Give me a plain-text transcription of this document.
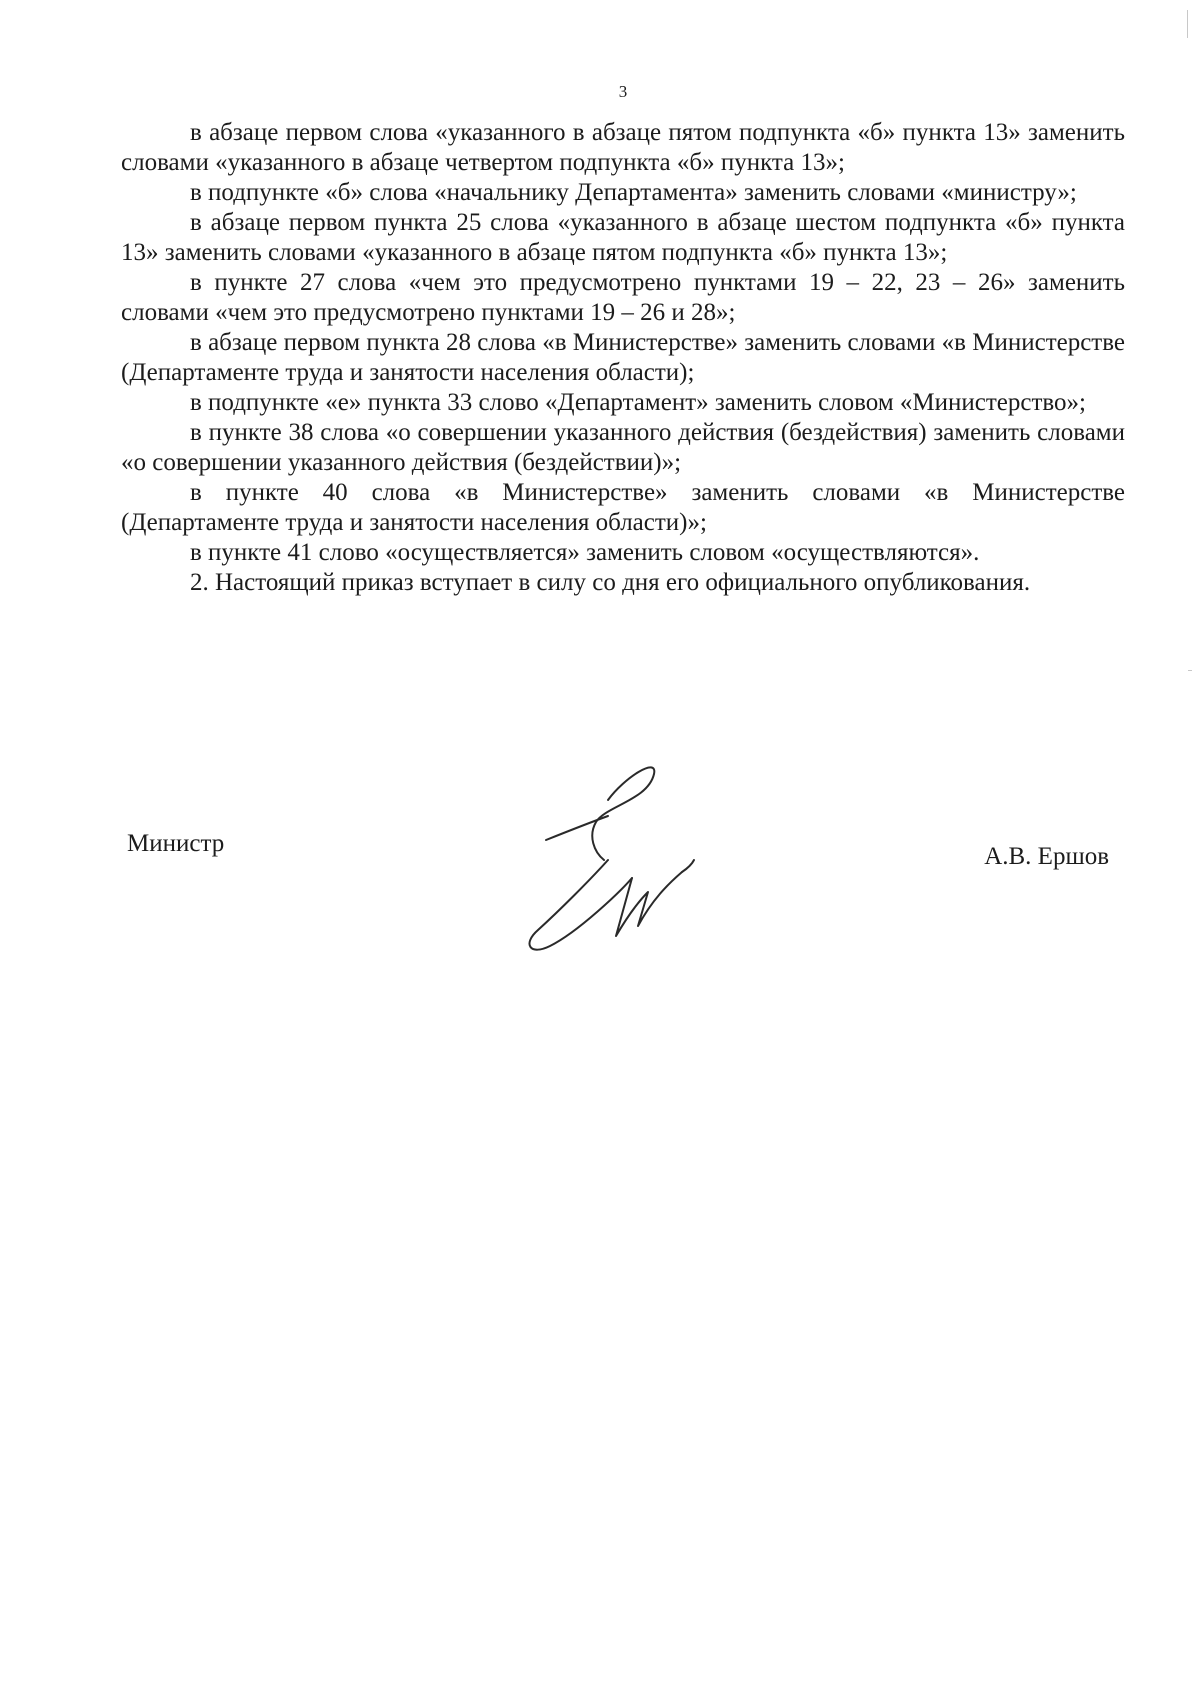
3

в абзаце первом слова «указанного в абзаце пятом подпункта «б» пункта 13» заменить словами «указанного в абзаце четвертом подпункта «б» пункта 13»;

в подпункте «б» слова «начальнику Департамента» заменить словами «министру»;

в абзаце первом пункта 25 слова «указанного в абзаце шестом подпункта «б» пункта 13» заменить словами «указанного в абзаце пятом подпункта «б» пункта 13»;

в пункте 27 слова «чем это предусмотрено пунктами 19 – 22, 23 – 26» заменить словами «чем это предусмотрено пунктами 19 – 26 и 28»;

в абзаце первом пункта 28 слова «в Министерстве» заменить словами «в Министерстве (Департаменте труда и занятости населения области);

в подпункте «е» пункта 33 слово «Департамент» заменить словом «Министерство»;

в пункте 38 слова «о совершении указанного действия (бездействия) заменить словами «о совершении указанного действия (бездействии)»;

в пункте 40 слова «в Министерстве» заменить словами «в Министерстве (Департаменте труда и занятости населения области)»;

в пункте 41 слово «осуществляется» заменить словом «осуществляются».

2. Настоящий приказ вступает в силу со дня его официального опубликования.

Министр	А.В. Ершов
